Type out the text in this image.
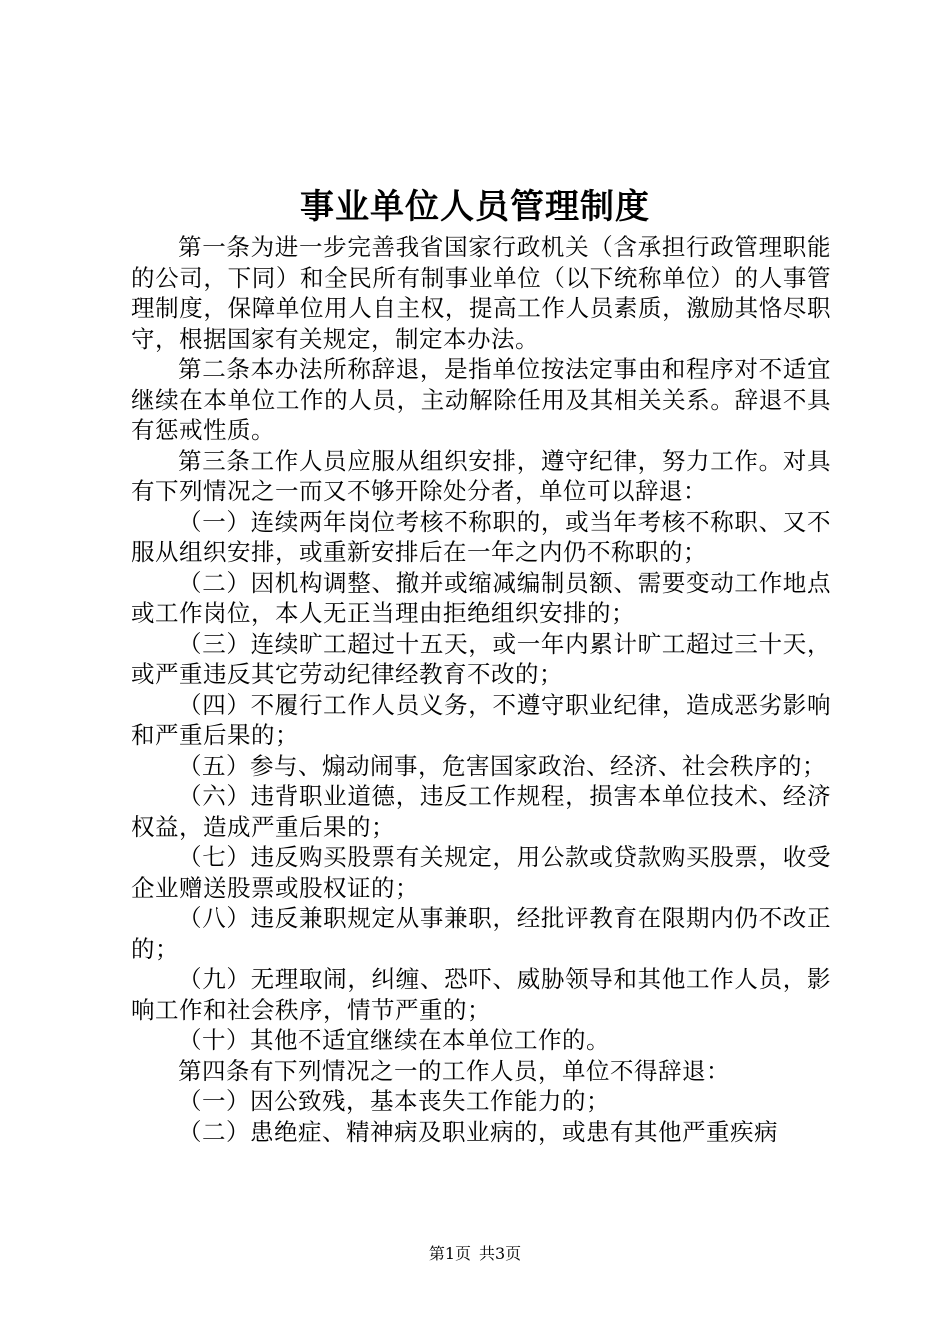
事业单位人员管理制度

第一条为进一步完善我省国家行政机关（含承担行政管理职能的公司，下同）和全民所有制事业单位（以下统称单位）的人事管理制度，保障单位用人自主权，提高工作人员素质，激励其恪尽职守，根据国家有关规定，制定本办法。

第二条本办法所称辞退，是指单位按法定事由和程序对不适宜继续在本单位工作的人员，主动解除任用及其相关关系。辞退不具有惩戒性质。

第三条工作人员应服从组织安排，遵守纪律，努力工作。对具有下列情况之一而又不够开除处分者，单位可以辞退：

（一）连续两年岗位考核不称职的，或当年考核不称职、又不服从组织安排，或重新安排后在一年之内仍不称职的；

（二）因机构调整、撤并或缩减编制员额、需要变动工作地点或工作岗位，本人无正当理由拒绝组织安排的；

（三）连续旷工超过十五天，或一年内累计旷工超过三十天，或严重违反其它劳动纪律经教育不改的；

（四）不履行工作人员义务，不遵守职业纪律，造成恶劣影响和严重后果的；

（五）参与、煽动闹事，危害国家政治、经济、社会秩序的；

（六）违背职业道德，违反工作规程，损害本单位技术、经济权益，造成严重后果的；

（七）违反购买股票有关规定，用公款或贷款购买股票，收受企业赠送股票或股权证的；

（八）违反兼职规定从事兼职，经批评教育在限期内仍不改正的；

（九）无理取闹，纠缠、恐吓、威胁领导和其他工作人员，影响工作和社会秩序，情节严重的；

（十）其他不适宜继续在本单位工作的。

第四条有下列情况之一的工作人员，单位不得辞退：

（一）因公致残，基本丧失工作能力的；

（二）患绝症、精神病及职业病的，或患有其他严重疾病

第1页 共3页
